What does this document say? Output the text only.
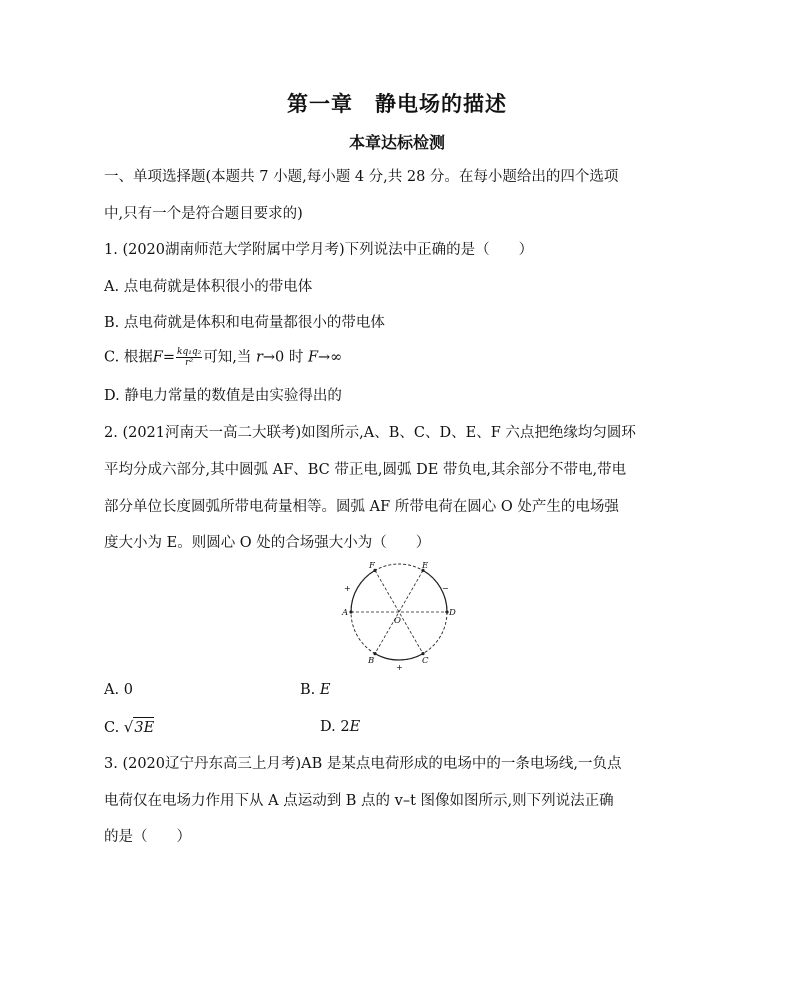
第一章 静电场的描述
本章达标检测
一、单项选择题(本题共 7 小题,每小题 4 分,共 28 分。在每小题给出的四个选项
中,只有一个是符合题目要求的)
1. (2020湖南师范大学附属中学月考)下列说法中正确的是（　　）
A. 点电荷就是体积很小的带电体
B. 点电荷就是体积和电荷量都很小的带电体
C. 根据$F= \frac{\text{kq₁q₂}}{\text{r²}}$ 可知,当 r→0 时 F→∞
D. 静电力常量的数值是由实验得出的
2. (2021河南天一高二大联考)如图所示,A、B、C、D、E、F 六点把绝缘均匀圆环
平均分成六部分,其中圆弧 AF、BC 带正电,圆弧 DE 带负电,其余部分不带电,带电
部分单位长度圆弧所带电荷量相等。圆弧 AF 所带电荷在圆心 O 处产生的电场强
度大小为 E。则圆心 O 处的合场强大小为（　　）
A	D
F	E
B	C
O
+	−
+
A. 0	B. E
C. √3E	D. 2E
3. (2020辽宁丹东高三上月考)AB 是某点电荷形成的电场中的一条电场线,一负点
电荷仅在电场力作用下从 A 点运动到 B 点的 v–t 图像如图所示,则下列说法正确
的是（　　）
